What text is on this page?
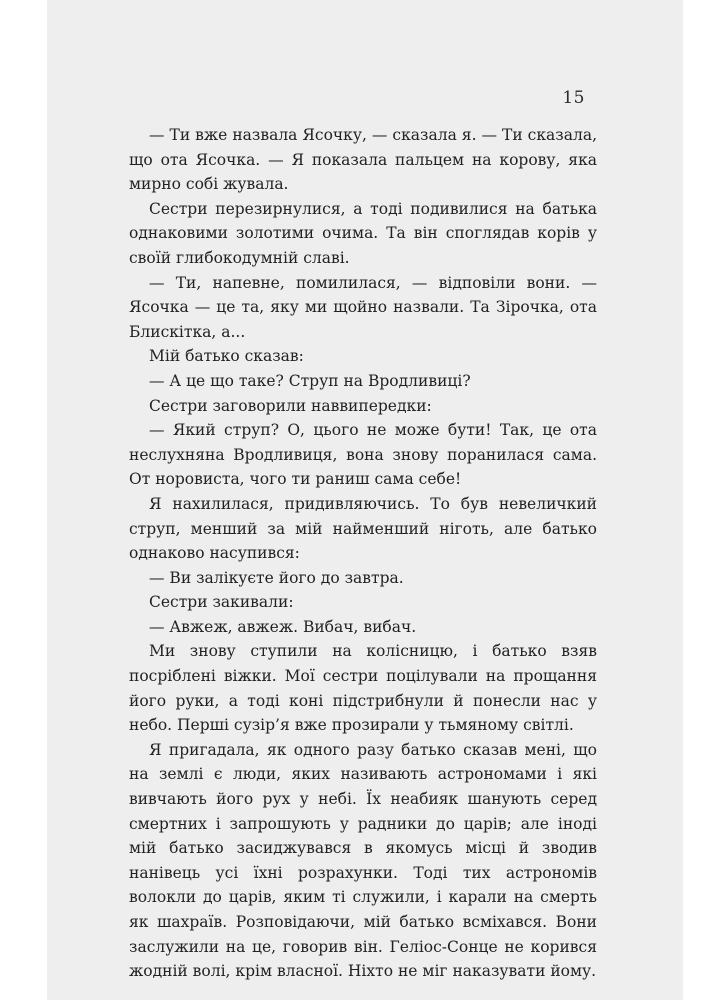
15

— Ти вже назвала Ясочку, — сказала я. — Ти сказала, що ота Ясочка. — Я показала пальцем на корову, яка мирно собі жувала.

Сестри перезирнулися, а тоді подивилися на батька однаковими золотими очима. Та він споглядав корів у своїй глибокодумній славі.

— Ти, напевне, помилилася, — відповіли вони. — Ясочка — це та, яку ми щойно назвали. Та Зірочка, ота Блискітка, а...

Мій батько сказав:

— А це що таке? Струп на Вродливиці?

Сестри заговорили наввипередки:

— Який струп? О, цього не може бути! Так, це ота неслухняна Вродливиця, вона знову поранилася сама. От норовиста, чого ти раниш сама себе!

Я нахилилася, придивляючись. То був невеличкий струп, менший за мій найменший ніготь, але батько однаково насупився:

— Ви залікуєте його до завтра.

Сестри закивали:

— Авжеж, авжеж. Вибач, вибач.

Ми знову ступили на колісницю, і батько взяв посріблені віжки. Мої сестри поцілували на прощання його руки, а тоді коні підстрибнули й понесли нас у небо. Перші сузір’я вже прозирали у тьмяному світлі.

Я пригадала, як одного разу батько сказав мені, що на землі є люди, яких називають астрономами і які вивчають його рух у небі. Їх неабияк шанують серед смертних і запрошують у радники до царів; але іноді мій батько засиджувався в якомусь місці й зводив нанівець усі їхні розрахунки. Тоді тих астрономів волокли до царів, яким ті служили, і карали на смерть як шахраїв. Розповідаючи, мій батько всміхався. Вони заслужили на це, говорив він. Геліос-Сонце не корився жодній волі, крім власної. Ніхто не міг наказувати йому.
